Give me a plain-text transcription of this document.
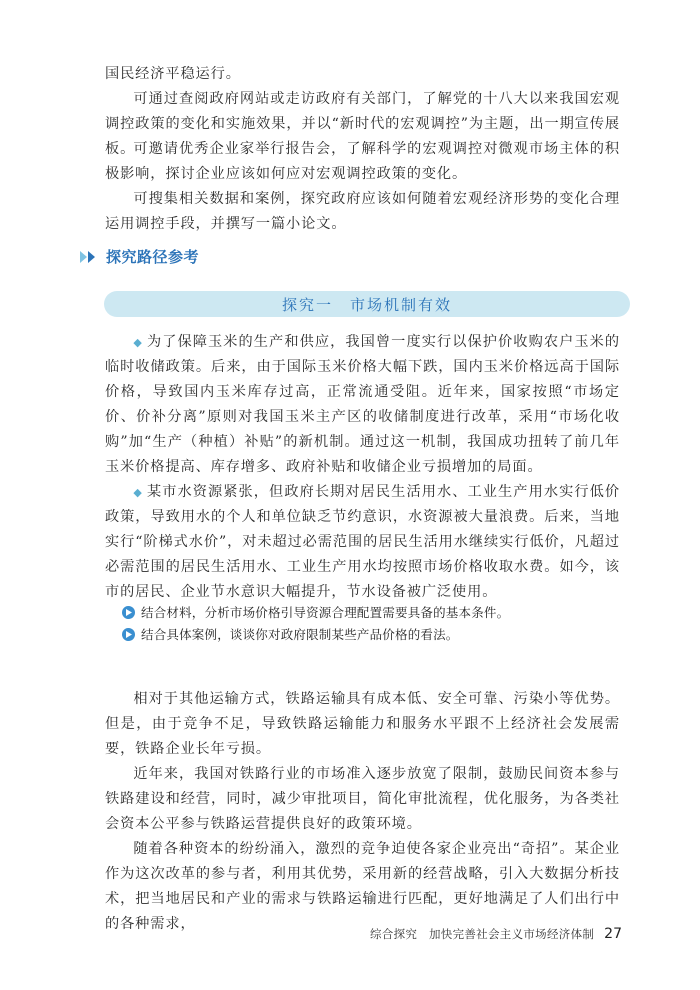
国民经济平稳运行。

可通过查阅政府网站或走访政府有关部门，了解党的十八大以来我国宏观调控政策的变化和实施效果，并以“新时代的宏观调控”为主题，出一期宣传展板。

可邀请优秀企业家举行报告会，了解科学的宏观调控对微观市场主体的积极影响，探讨企业应该如何应对宏观调控政策的变化。

可搜集相关数据和案例，探究政府应该如何随着宏观经济形势的变化合理运用调控手段，并撰写一篇小论文。

探究路径参考
探究一　市场机制有效

◆ 为了保障玉米的生产和供应，我国曾一度实行以保护价收购农户玉米的临时收储政策。后来，由于国际玉米价格大幅下跌，国内玉米价格远高于国际价格，导致国内玉米库存过高，正常流通受阻。近年来，国家按照“市场定价、价补分离”原则对我国玉米主产区的收储制度进行改革，采用“市场化收购”加“生产（种植）补贴”的新机制。通过这一机制，我国成功扭转了前几年玉米价格提高、库存增多、政府补贴和收储企业亏损增加的局面。

◆ 某市水资源紧张，但政府长期对居民生活用水、工业生产用水实行低价政策，导致用水的个人和单位缺乏节约意识，水资源被大量浪费。后来，当地实行“阶梯式水价”，对未超过必需范围的居民生活用水继续实行低价，凡超过必需范围的居民生活用水、工业生产用水均按照市场价格收取水费。如今，该市的居民、企业节水意识大幅提升，节水设备被广泛使用。

结合材料，分析市场价格引导资源合理配置需要具备的基本条件。
结合具体案例，谈谈你对政府限制某些产品价格的看法。

相对于其他运输方式，铁路运输具有成本低、安全可靠、污染小等优势。但是，由于竞争不足，导致铁路运输能力和服务水平跟不上经济社会发展需要，铁路企业长年亏损。

近年来，我国对铁路行业的市场准入逐步放宽了限制，鼓励民间资本参与铁路建设和经营，同时，减少审批项目，简化审批流程，优化服务，为各类社会资本公平参与铁路运营提供良好的政策环境。

随着各种资本的纷纷涌入，激烈的竞争迫使各家企业亮出“奇招”。某企业作为这次改革的参与者，利用其优势，采用新的经营战略，引入大数据分析技术，把当地居民和产业的需求与铁路运输进行匹配，更好地满足了人们出行中的各种需求，

综合探究　加快完善社会主义市场经济体制 27
